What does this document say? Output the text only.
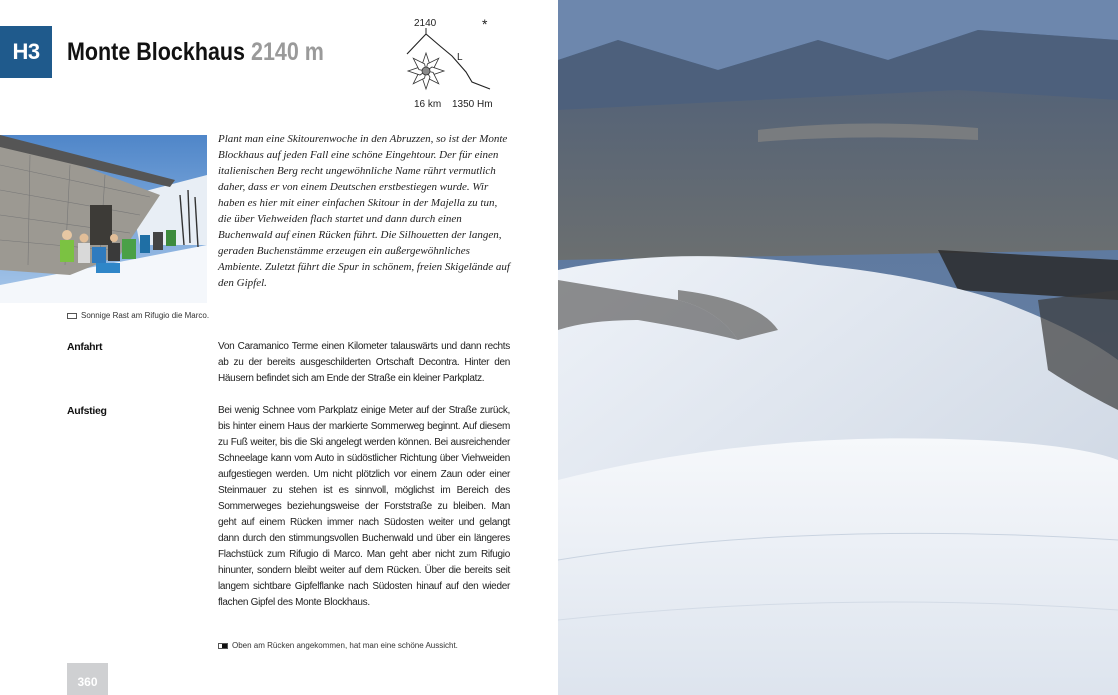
H3	Monte Blockhaus 2140 m
2140	*
L
16 km 1350 Hm
Sonnige Rast am Rifugio die Marco.

Plant man eine Skitourenwoche in den Abruzzen, so ist der Monte Blockhaus auf jeden Fall eine schöne Eingehtour. Der für einen italienischen Berg recht ungewöhnliche Name rührt vermutlich daher, dass er von einem Deutschen erstbestiegen wurde. Wir haben es hier mit einer einfachen Skitour in der Majella zu tun, die über Viehweiden flach startet und dann durch einen Buchenwald auf einen Rücken führt. Die Silhouetten der langen, geraden Buchenstämme erzeugen ein außergewöhnliches Ambiente. Zuletzt führt die Spur in schönem, freien Skigelände auf den Gipfel.

Anfahrt	Von Caramanico Terme einen Kilometer talauswärts und dann rechts ab zu der bereits ausgeschilderten Ortschaft Decontra. Hinter den Häusern befindet sich am Ende der Straße ein kleiner Parkplatz.
Aufstieg	Bei wenig Schnee vom Parkplatz einige Meter auf der Straße zurück, bis hinter einem Haus der markierte Sommerweg beginnt. Auf diesem zu Fuß weiter, bis die Ski angelegt werden können. Bei ausreichender Schneelage kann vom Auto in südöstlicher Richtung über Viehweiden aufgestiegen werden. Um nicht plötzlich vor einem Zaun oder einer Steinmauer zu stehen ist es sinnvoll, möglichst im Bereich des Sommerweges beziehungsweise der Forststraße zu bleiben. Man geht auf einem Rücken immer nach Südosten weiter und gelangt dann durch den stimmungsvollen Buchenwald und über ein längeres Flachstück zum Rifugio di Marco. Man geht aber nicht zum Rifugio hinunter, sondern bleibt weiter auf dem Rücken. Über die bereits seit langem sichtbare Gipfelflanke nach Südosten hinauf auf den wieder flachen Gipfel des Monte Blockhaus.
Oben am Rücken angekommen, hat man eine schöne Aussicht.
360
